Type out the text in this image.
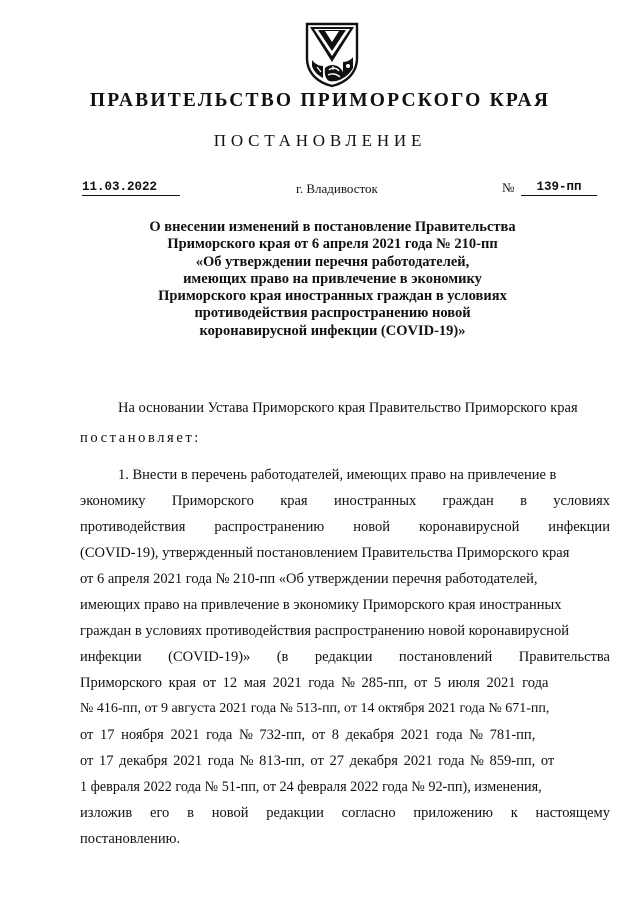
ПРАВИТЕЛЬСТВО ПРИМОРСКОГО КРАЯ
ПОСТАНОВЛЕНИЕ
11.03.2022	г. Владивосток	№	139-пп
О внесении изменений в постановление Правительства
Приморского края от 6 апреля 2021 года № 210-пп
«Об утверждении перечня работодателей,
имеющих право на привлечение в экономику
Приморского края иностранных граждан в условиях
противодействия распространению новой
коронавирусной инфекции (COVID-19)»
На основании Устава Приморского края Правительство Приморского края
постановляет:
1. Внести в перечень работодателей, имеющих право на привлечение в
экономику Приморского края иностранных граждан в условиях
противодействия распространению новой коронавирусной инфекции
(COVID-19), утвержденный постановлением Правительства Приморского края
от 6 апреля 2021 года № 210-пп «Об утверждении перечня работодателей,
имеющих право на привлечение в экономику Приморского края иностранных
граждан в условиях противодействия распространению новой коронавирусной
инфекции (COVID-19)» (в редакции постановлений Правительства
Приморского края от 12 мая 2021 года № 285-пп, от 5 июля 2021 года
№ 416-пп, от 9 августа 2021 года № 513-пп, от 14 октября 2021 года № 671-пп,
от 17 ноября 2021 года № 732-пп, от 8 декабря 2021 года № 781-пп,
от 17 декабря 2021 года № 813-пп, от 27 декабря 2021 года № 859-пп, от
1 февраля 2022 года № 51-пп, от 24 февраля 2022 года № 92-пп), изменения,
изложив его в новой редакции согласно приложению к настоящему
постановлению.
